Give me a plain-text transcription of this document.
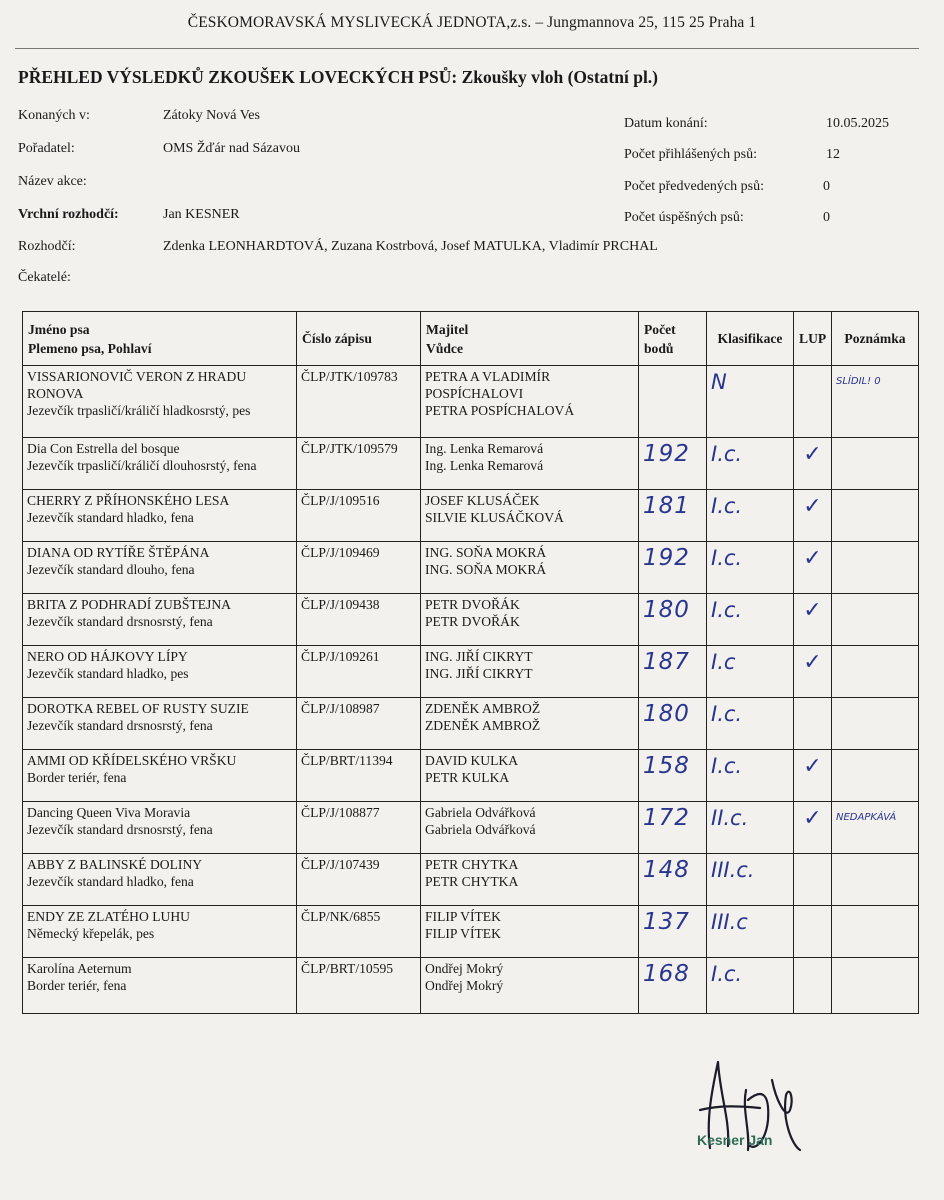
ČESKOMORAVSKÁ MYSLIVECKÁ JEDNOTA,z.s. – Jungmannova 25, 115 25 Praha 1
PŘEHLED VÝSLEDKŮ ZKOUŠEK LOVECKÝCH PSŮ: Zkoušky vloh (Ostatní pl.)
Konaných v:	Zátoky Nová Ves
Pořadatel:	OMS Žďár nad Sázavou
Název akce:
Vrchní rozhodčí:	Jan KESNER
Rozhodčí:	Zdenka LEONHARDTOVÁ, Zuzana Kostrbová, Josef MATULKA, Vladimír PRCHAL
Čekatelé:
Datum konání:	10.05.2025
Počet přihlášených psů:	12
Počet předvedených psů:	0
Počet úspěšných psů:	0
Jméno psa
Plemeno psa, Pohlaví	Číslo zápisu	Majitel
Vůdce	Počet
bodů	Klasifikace	LUP	Poznámka

VISSARIONOVIČ VERON Z HRADU RONOVA
Jezevčík trpasličí/králičí hladkosrstý, pes	ČLP/JTK/109783	PETRA A VLADIMÍR POSPÍCHALOVI
PETRA POSPÍCHALOVÁ		N		SLÍDIL! 0

Dia Con Estrella del bosque
Jezevčík trpasličí/králičí dlouhosrstý, fena	ČLP/JTK/109579	Ing. Lenka Remarová
Ing. Lenka Remarová	192	I.c.	✓	

CHERRY Z PŘÍHONSKÉHO LESA
Jezevčík standard hladko, fena	ČLP/J/109516	JOSEF KLUSÁČEK
SILVIE KLUSÁČKOVÁ	181	I.c.	✓	

DIANA OD RYTÍŘE ŠTĚPÁNA
Jezevčík standard dlouho, fena	ČLP/J/109469	ING. SOŇA MOKRÁ
ING. SOŇA MOKRÁ	192	I.c.	✓	

BRITA Z PODHRADÍ ZUBŠTEJNA
Jezevčík standard drsnosrstý, fena	ČLP/J/109438	PETR DVOŘÁK
PETR DVOŘÁK	180	I.c.	✓	

NERO OD HÁJKOVY LÍPY
Jezevčík standard hladko, pes	ČLP/J/109261	ING. JIŘÍ CIKRYT
ING. JIŘÍ CIKRYT	187	I.c	✓	

DOROTKA REBEL OF RUSTY SUZIE
Jezevčík standard drsnosrstý, fena	ČLP/J/108987	ZDENĚK AMBROŽ
ZDENĚK AMBROŽ	180	I.c.		

AMMI OD KŘÍDELSKÉHO VRŠKU
Border teriér, fena	ČLP/BRT/11394	DAVID KULKA
PETR KULKA	158	I.c.	✓	

Dancing Queen Viva Moravia
Jezevčík standard drsnosrstý, fena	ČLP/J/108877	Gabriela Odvářková
Gabriela Odvářková	172	II.c.	✓	NEDAPKÁVÁ

ABBY Z BALINSKÉ DOLINY
Jezevčík standard hladko, fena	ČLP/J/107439	PETR CHYTKA
PETR CHYTKA	148	III.c.		

ENDY ZE ZLATÉHO LUHU
Německý křepelák, pes	ČLP/NK/6855	FILIP VÍTEK
FILIP VÍTEK	137	III.c		

Karolína Aeternum
Border teriér, fena	ČLP/BRT/10595	Ondřej Mokrý
Ondřej Mokrý	168	I.c.		

Kesner Jan
